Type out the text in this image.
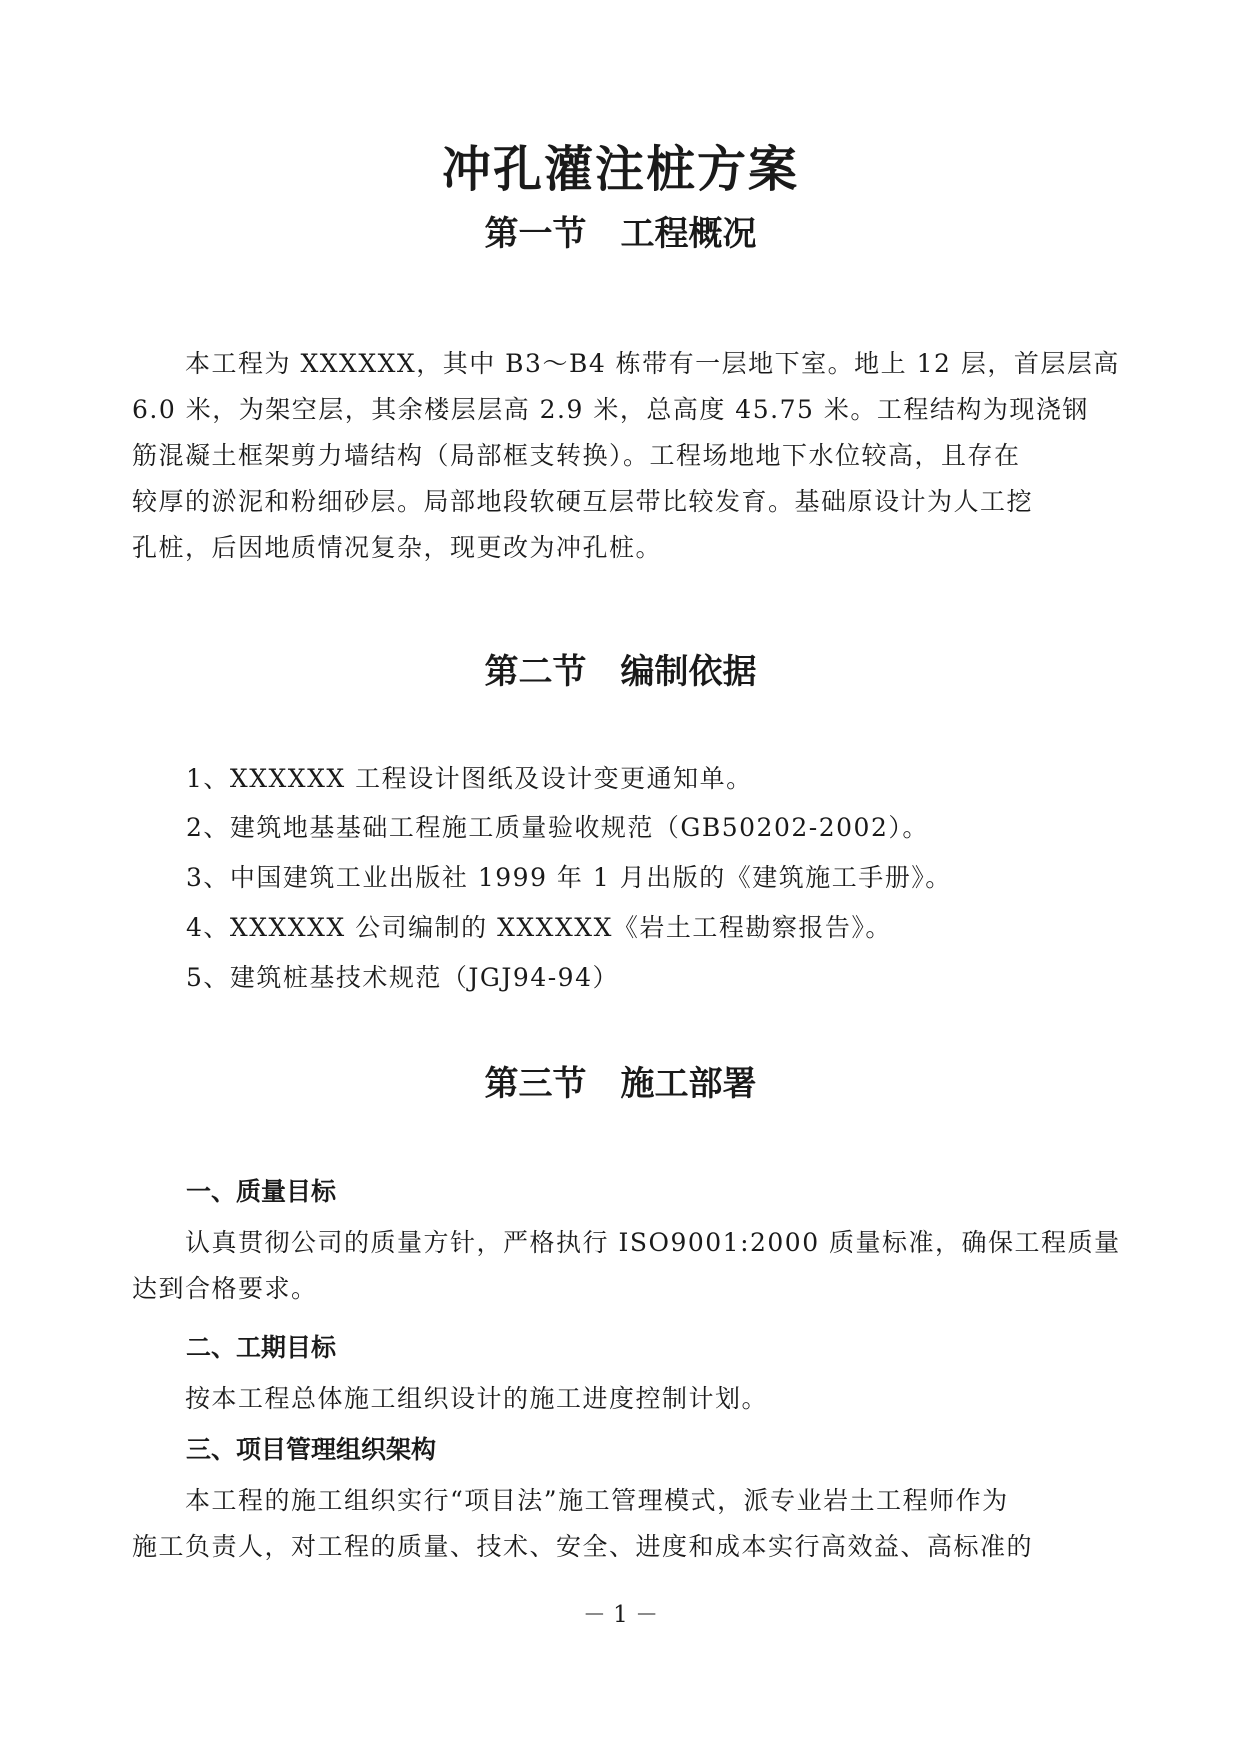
冲孔灌注桩方案
第一节 工程概况
　　本工程为 XXXXXX，其中 B3～B4 栋带有一层地下室。地上 12 层，首层层高
6.0 米，为架空层，其余楼层层高 2.9 米，总高度 45.75 米。工程结构为现浇钢
筋混凝土框架剪力墙结构（局部框支转换）。工程场地地下水位较高，且存在
较厚的淤泥和粉细砂层。局部地段软硬互层带比较发育。基础原设计为人工挖
孔桩，后因地质情况复杂，现更改为冲孔桩。
第二节 编制依据
1、XXXXXX 工程设计图纸及设计变更通知单。
2、建筑地基基础工程施工质量验收规范（GB50202-2002）。
3、中国建筑工业出版社 1999 年 1 月出版的《建筑施工手册》。
4、XXXXXX 公司编制的 XXXXXX《岩土工程勘察报告》。
5、建筑桩基技术规范（JGJ94-94）
第三节 施工部署
一、质量目标
　　认真贯彻公司的质量方针，严格执行 ISO9001:2000 质量标准，确保工程质量
达到合格要求。
二、工期目标
　　按本工程总体施工组织设计的施工进度控制计划。
三、项目管理组织架构
　　本工程的施工组织实行“项目法”施工管理模式，派专业岩土工程师作为
施工负责人，对工程的质量、技术、安全、进度和成本实行高效益、高标准的
－ 1 －
